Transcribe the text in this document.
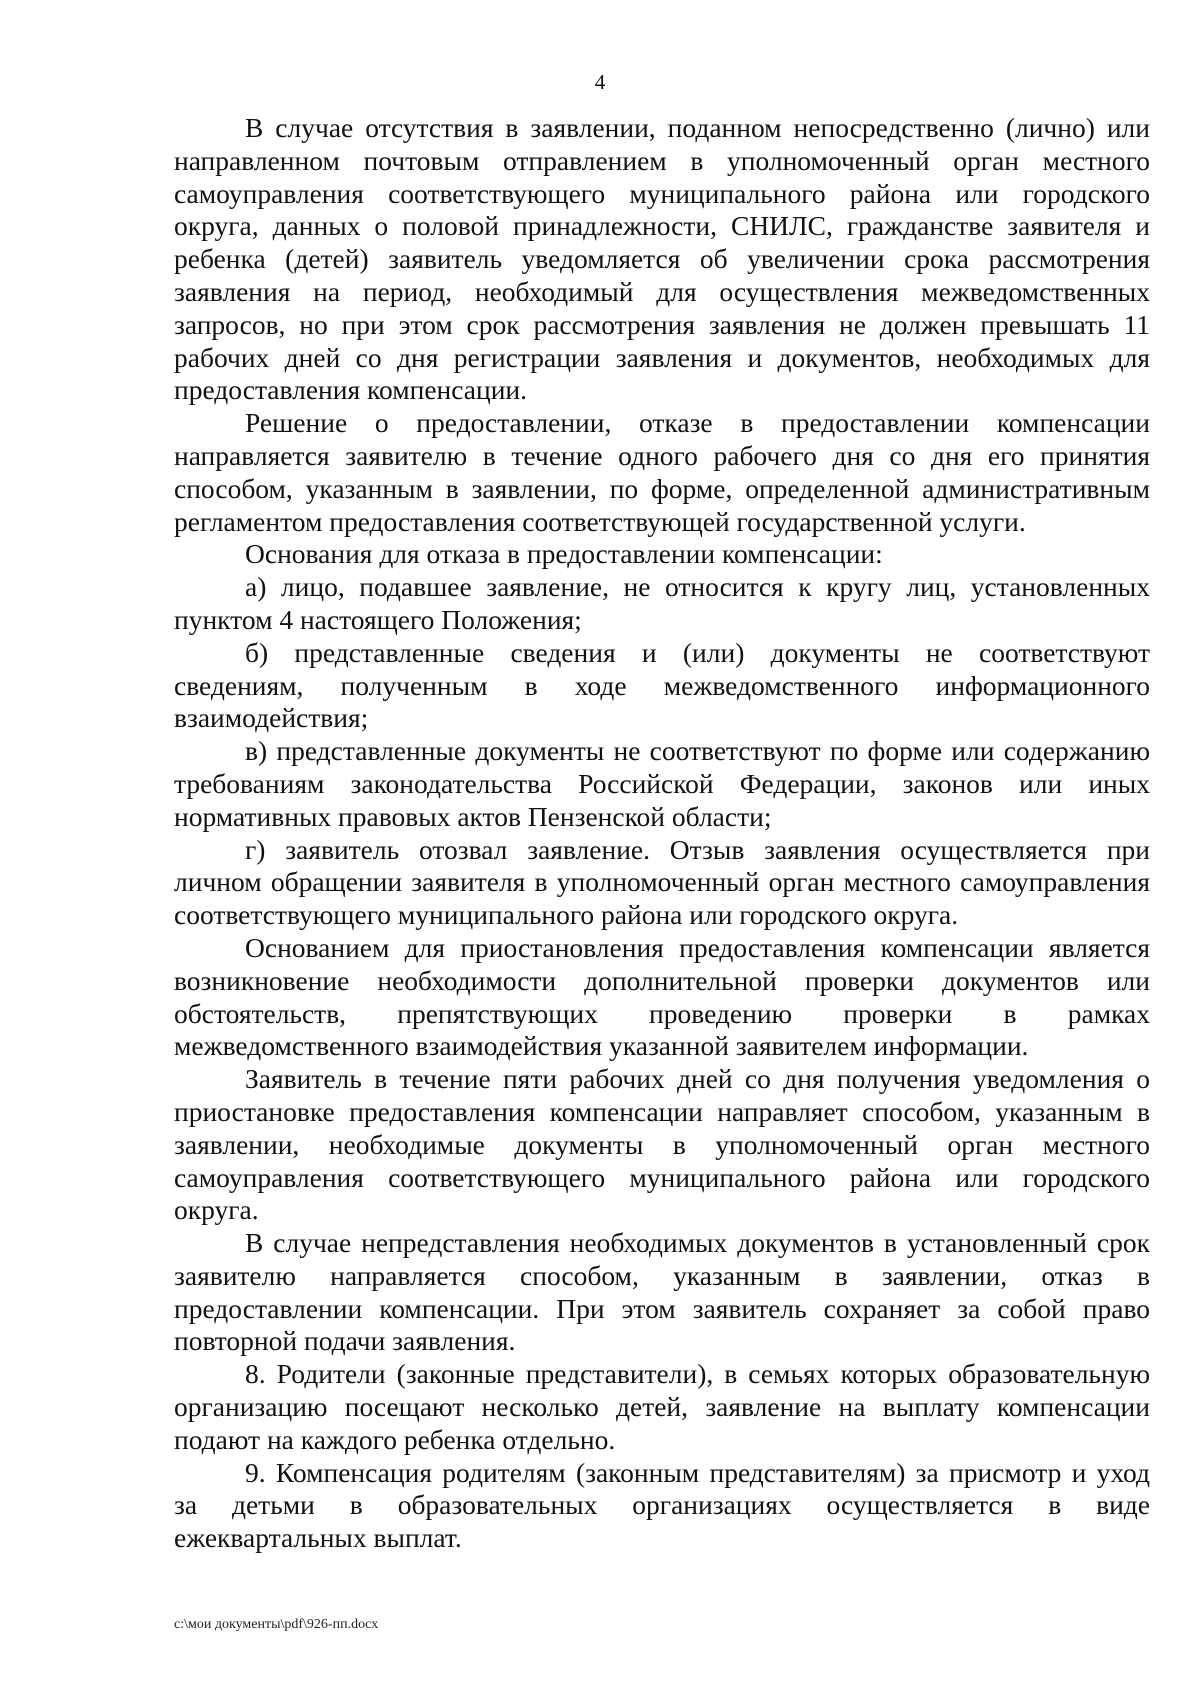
4

В случае отсутствия в заявлении, поданном непосредственно (лично) или направленном почтовым отправлением в уполномоченный орган местного самоуправления соответствующего муниципального района или городского округа, данных о половой принадлежности, СНИЛС, гражданстве заявителя и ребенка (детей) заявитель уведомляется об увеличении срока рассмотрения заявления на период, необходимый для осуществления межведомственных запросов, но при этом срок рассмотрения заявления не должен превышать 11 рабочих дней со дня регистрации заявления и документов, необходимых для предоставления компенсации.

Решение о предоставлении, отказе в предоставлении компенсации направляется заявителю в течение одного рабочего дня со дня его принятия способом, указанным в заявлении, по форме, определенной административным регламентом предоставления соответствующей государственной услуги.

Основания для отказа в предоставлении компенсации:

а) лицо, подавшее заявление, не относится к кругу лиц, установленных пунктом 4 настоящего Положения;

б) представленные сведения и (или) документы не соответствуют сведениям, полученным в ходе межведомственного информационного взаимодействия;

в) представленные документы не соответствуют по форме или содержанию требованиям законодательства Российской Федерации, законов или иных нормативных правовых актов Пензенской области;

г) заявитель отозвал заявление. Отзыв заявления осуществляется при личном обращении заявителя в уполномоченный орган местного самоуправления соответствующего муниципального района или городского округа.

Основанием для приостановления предоставления компенсации является возникновение необходимости дополнительной проверки документов или обстоятельств, препятствующих проведению проверки в рамках межведомственного взаимодействия указанной заявителем информации.

Заявитель в течение пяти рабочих дней со дня получения уведомления о приостановке предоставления компенсации направляет способом, указанным в заявлении, необходимые документы в уполномоченный орган местного самоуправления соответствующего муниципального района или городского округа.

В случае непредставления необходимых документов в установленный срок заявителю направляется способом, указанным в заявлении, отказ в предоставлении компенсации. При этом заявитель сохраняет за собой право повторной подачи заявления.

8. Родители (законные представители), в семьях которых образовательную организацию посещают несколько детей, заявление на выплату компенсации подают на каждого ребенка отдельно.

9. Компенсация родителям (законным представителям) за присмотр и уход за детьми в образовательных организациях осуществляется в виде ежеквартальных выплат.

c:\мои документы\pdf\926-пп.docx
